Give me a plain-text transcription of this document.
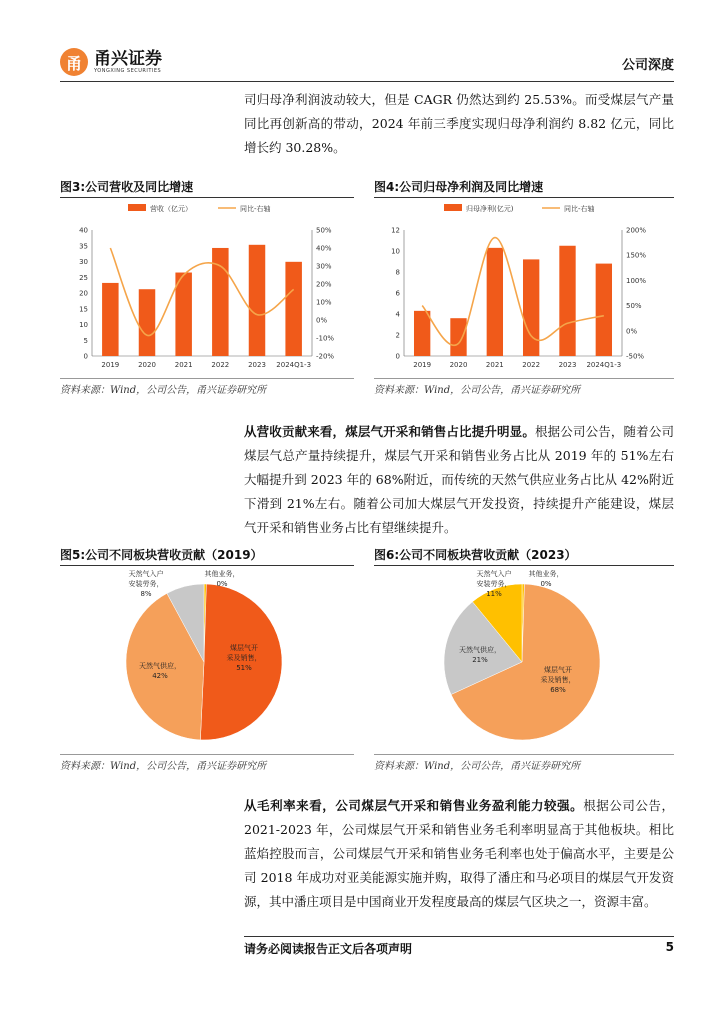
甬 甬兴证券
YONGXING SECURITIES	公司深度
司归母净利润波动较大，但是 CAGR 仍然达到约 25.53%。而受煤层气产量同比再创新高的带动，2024 年前三季度实现归母净利润约 8.82 亿元，同比增长约 30.28%。
图3:公司营收及同比增速
营收（亿元）	同比-右轴
0
5
10
15
20
25
30
35
40
-20%
-10%
0%
10%
20%
30%
40%
50%
2019	2020	2021	2022	2023 2024Q1-3
资料来源：Wind，公司公告，甬兴证券研究所
图4:公司归母净利润及同比增速
归母净利(亿元)	同比-右轴
0
2
4
6
8
10
12
-50%
0%
50%
100%
150%
200%
2019	2020	2021	2022	2023 2024Q1-3
资料来源：Wind，公司公告，甬兴证券研究所
从营收贡献来看，煤层气开采和销售占比提升明显。根据公司公告，随着公司煤层气总产量持续提升，煤层气开采和销售业务占比从 2019 年的 51%左右大幅提升到 2023 年的 68%附近，而传统的天然气供应业务占比从 42%附近下滑到 21%左右。随着公司加大煤层气开发投资，持续提升产能建设，煤层气开采和销售业务占比有望继续提升。
图5:公司不同板块营收贡献（2019）
其他业务，
0%
煤层气开
采及销售，
51%
天然气供应，
42%
天然气入户
安装劳务，
8%
资料来源：Wind，公司公告，甬兴证券研究所
图6:公司不同板块营收贡献（2023）
其他业务，
0%
煤层气开
采及销售，
68%
天然气供应，
21%
天然气入户
安装劳务，
11%
资料来源：Wind，公司公告，甬兴证券研究所
从毛利率来看，公司煤层气开采和销售业务盈利能力较强。根据公司公告，2021-2023 年，公司煤层气开采和销售业务毛利率明显高于其他板块。相比蓝焰控股而言，公司煤层气开采和销售业务毛利率也处于偏高水平，主要是公司 2018 年成功对亚美能源实施并购，取得了潘庄和马必项目的煤层气开发资源，其中潘庄项目是中国商业开发程度最高的煤层气区块之一，资源丰富。
请务必阅读报告正文后各项声明	5
